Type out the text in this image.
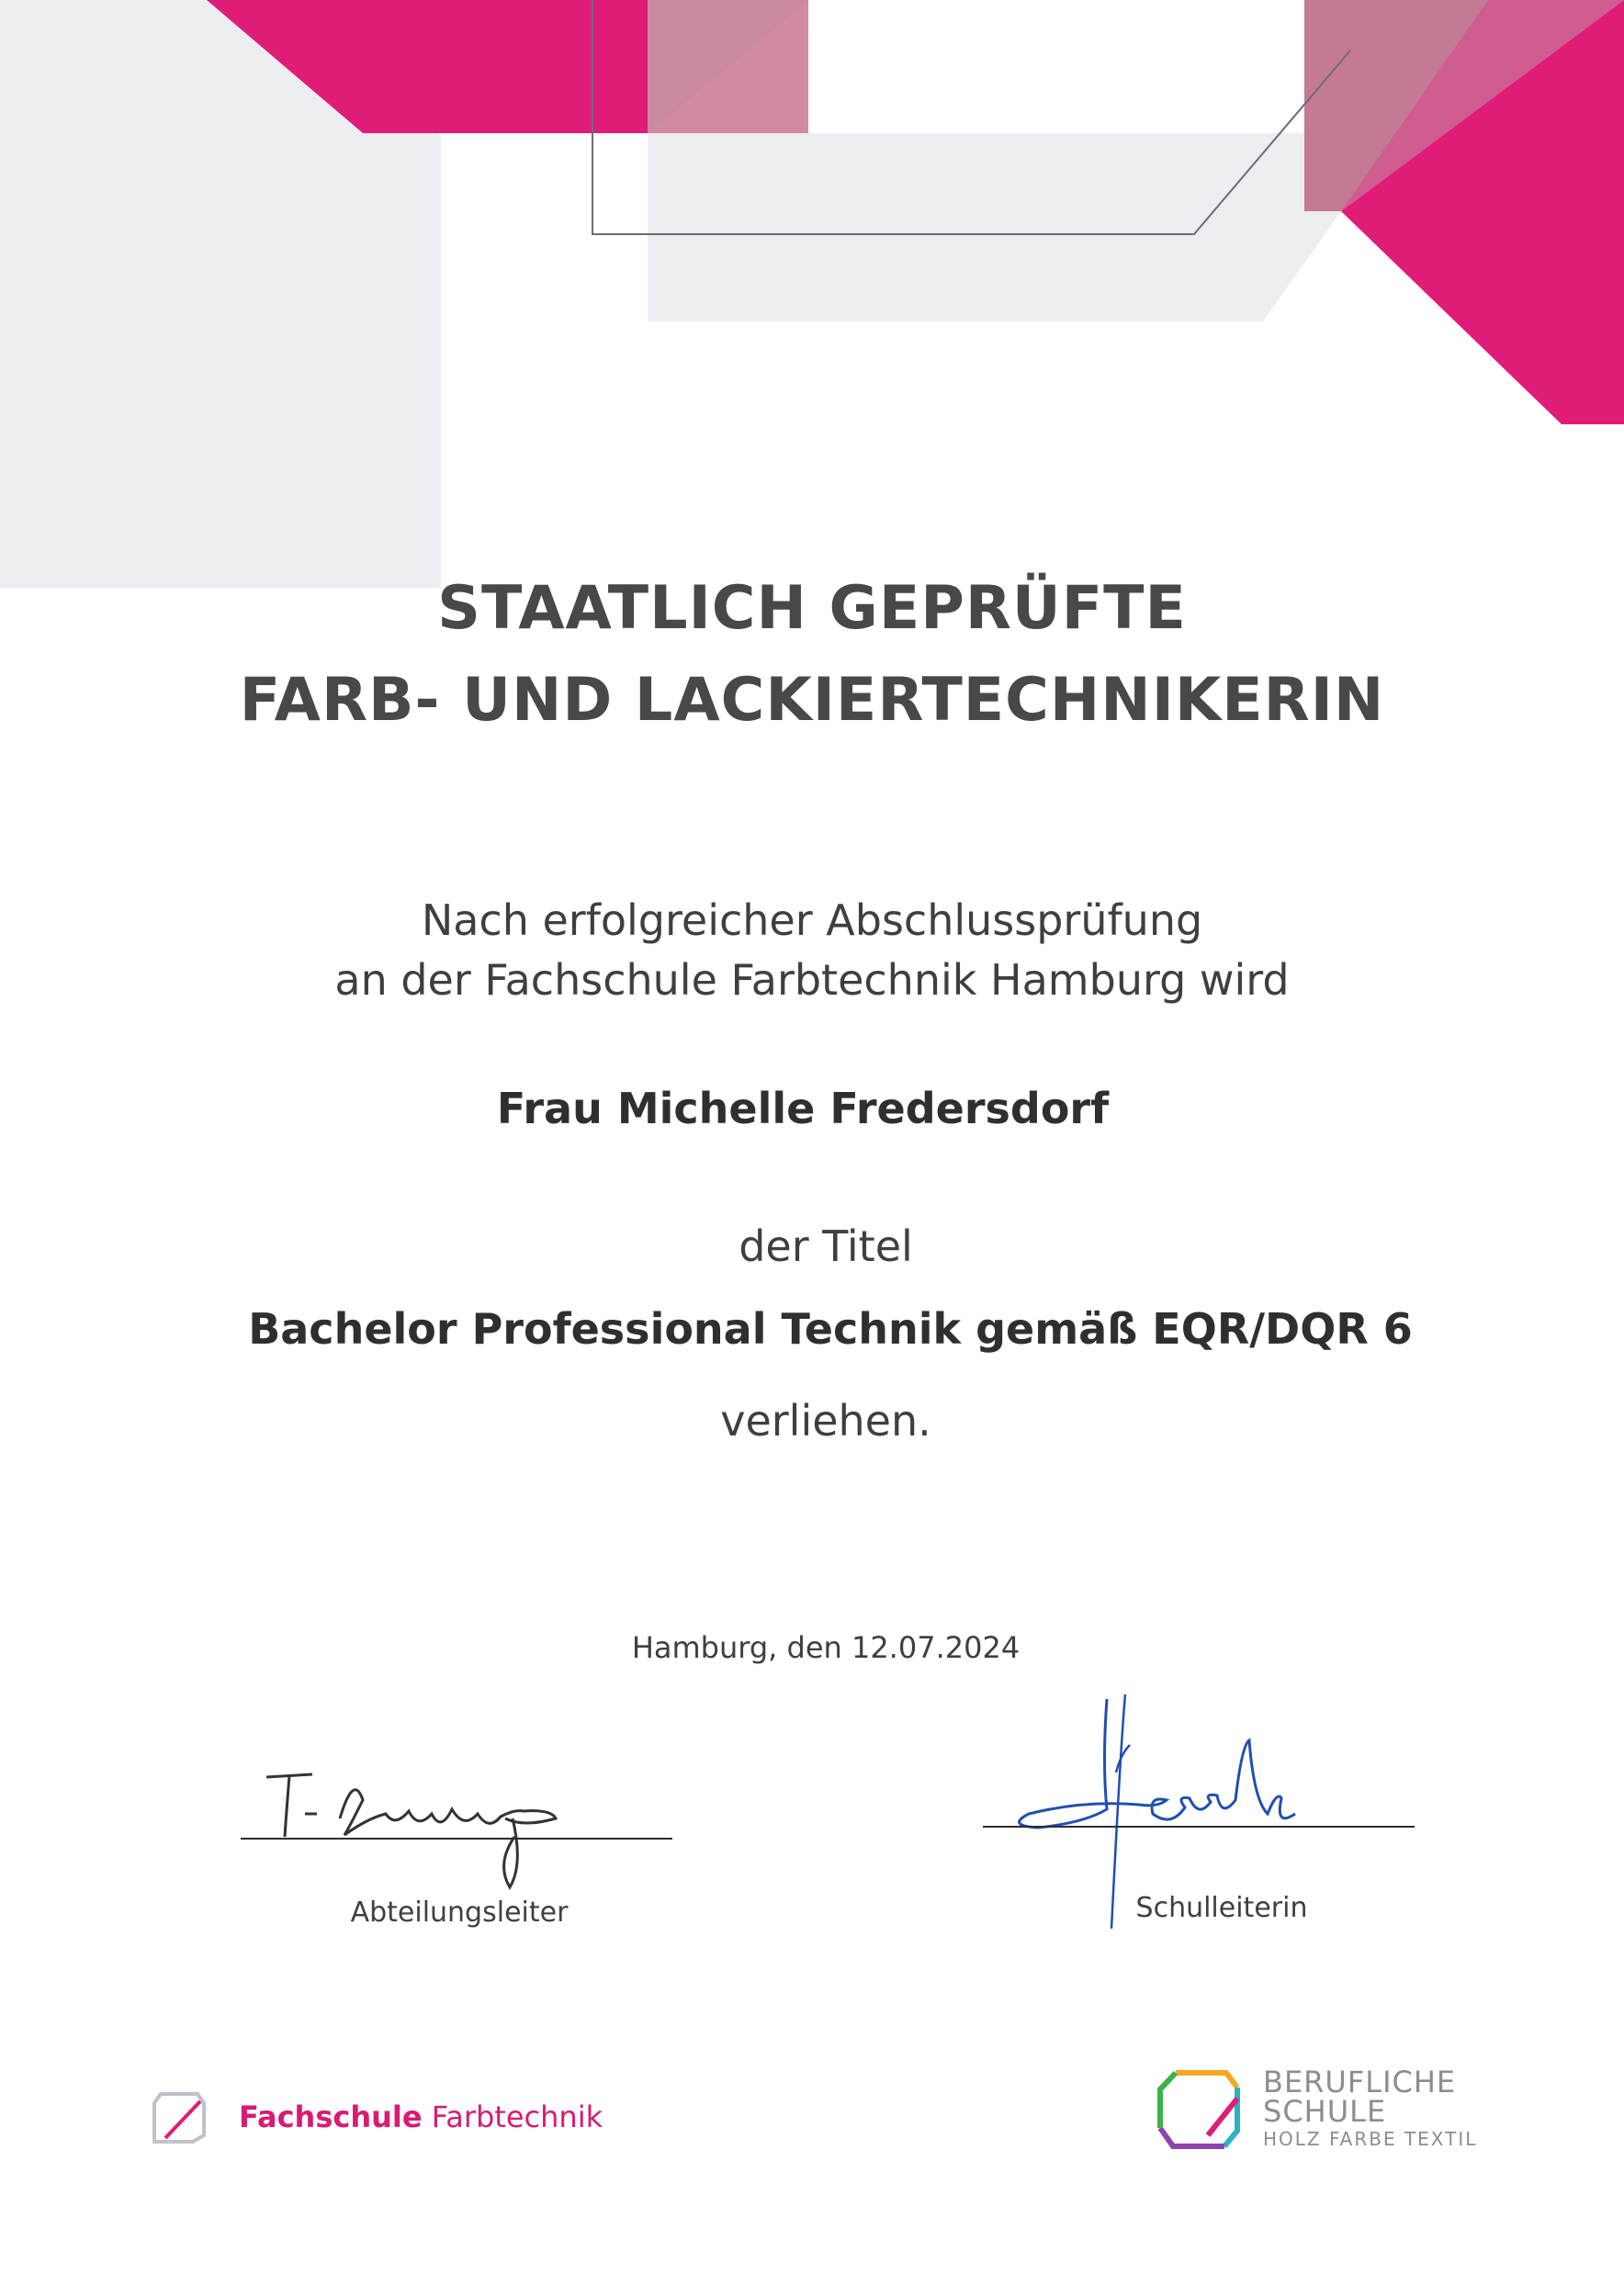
STAATLICH GEPRÜFTE
FARB- UND LACKIERTECHNIKERIN
Nach erfolgreicher Abschlussprüfung
an der Fachschule Farbtechnik Hamburg wird
Frau Michelle Fredersdorf
der Titel
Bachelor Professional Technik gemäß EQR/DQR 6
verliehen.
Hamburg, den 12.07.2024
Abteilungsleiter	Schulleiterin
Fachschule Farbtechnik
BERUFLICHE
SCHULE
HOLZ FARBE TEXTIL
